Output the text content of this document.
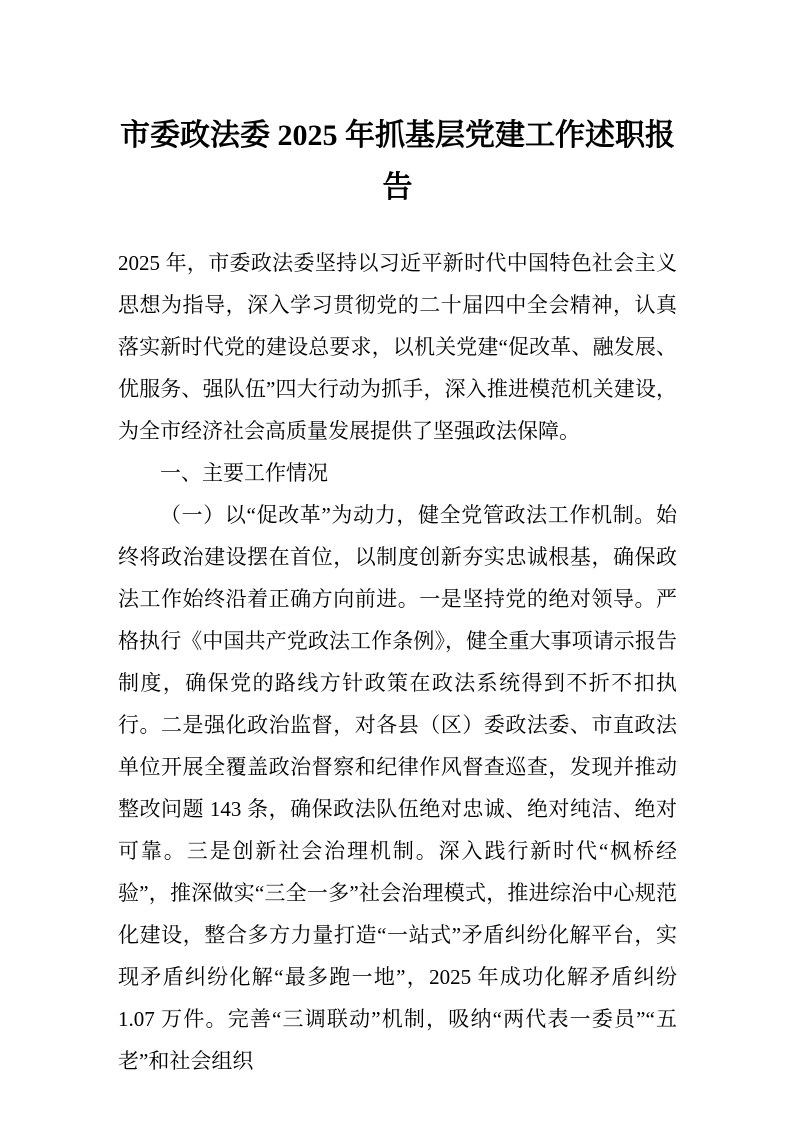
市委政法委 2025 年抓基层党建工作述职报告

2025 年，市委政法委坚持以习近平新时代中国特色社会主义思想为指导，深入学习贯彻党的二十届四中全会精神，认真落实新时代党的建设总要求，以机关党建“促改革、融发展、优服务、强队伍”四大行动为抓手，深入推进模范机关建设，为全市经济社会高质量发展提供了坚强政法保障。

一、主要工作情况

（一）以“促改革”为动力，健全党管政法工作机制。始终将政治建设摆在首位，以制度创新夯实忠诚根基，确保政法工作始终沿着正确方向前进。一是坚持党的绝对领导。严格执行《中国共产党政法工作条例》，健全重大事项请示报告制度，确保党的路线方针政策在政法系统得到不折不扣执行。二是强化政治监督，对各县（区）委政法委、市直政法单位开展全覆盖政治督察和纪律作风督查巡查，发现并推动整改问题 143 条，确保政法队伍绝对忠诚、绝对纯洁、绝对可靠。三是创新社会治理机制。深入践行新时代“枫桥经验”，推深做实“三全一多”社会治理模式，推进综治中心规范化建设，整合多方力量打造“一站式”矛盾纠纷化解平台，实现矛盾纠纷化解“最多跑一地”，2025 年成功化解矛盾纠纷 1.07 万件。完善“三调联动”机制，吸纳“两代表一委员”“五老”和社会组织
